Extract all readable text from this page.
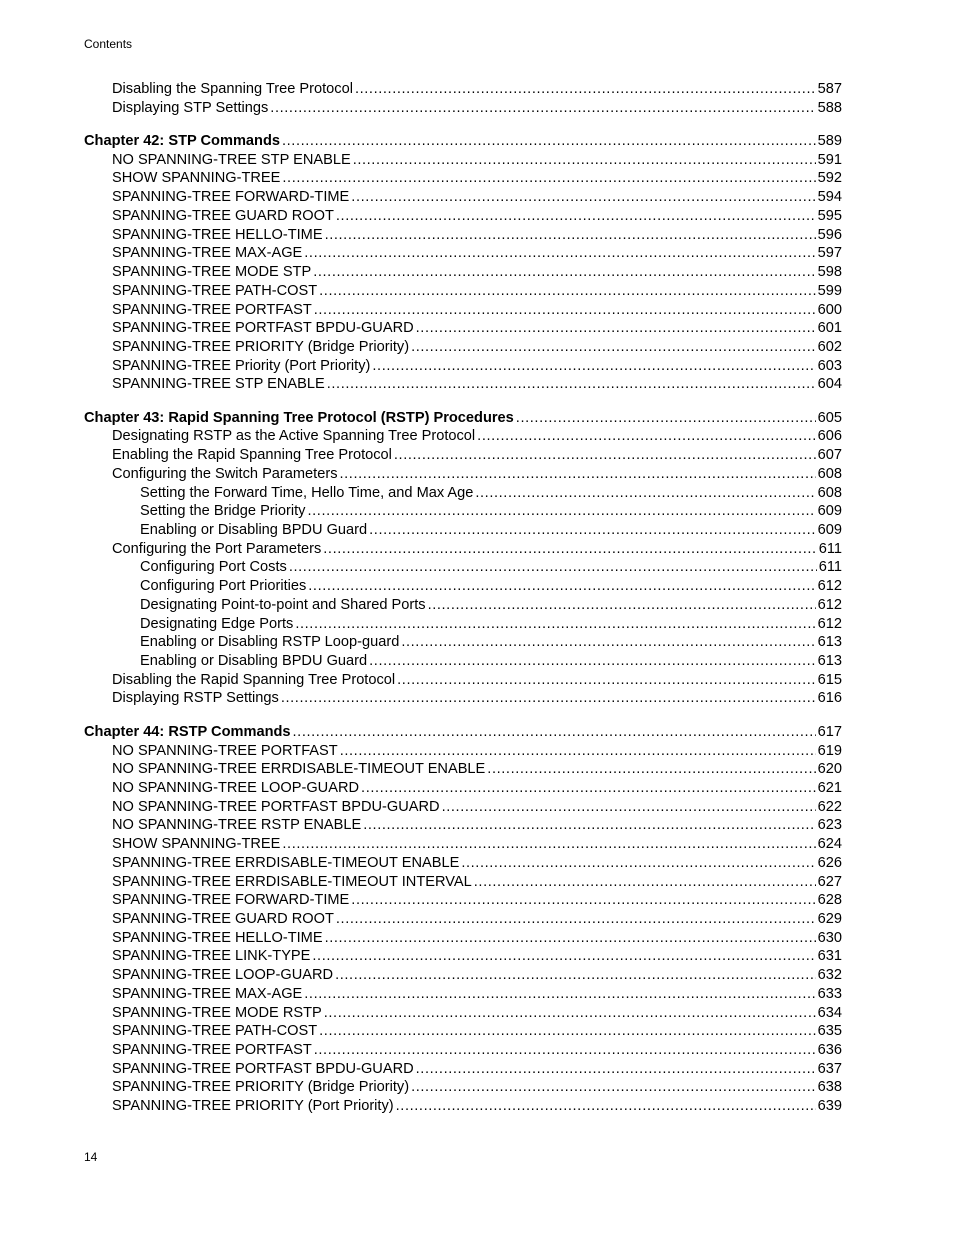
Contents
Disabling the Spanning Tree Protocol .....	587
Displaying STP Settings .....	588
Chapter 42: STP Commands .....	589
NO SPANNING-TREE STP ENABLE .....	591
SHOW SPANNING-TREE .....	592
SPANNING-TREE FORWARD-TIME .....	594
SPANNING-TREE GUARD ROOT .....	595
SPANNING-TREE HELLO-TIME .....	596
SPANNING-TREE MAX-AGE .....	597
SPANNING-TREE MODE STP .....	598
SPANNING-TREE PATH-COST .....	599
SPANNING-TREE PORTFAST .....	600
SPANNING-TREE PORTFAST BPDU-GUARD .....	601
SPANNING-TREE PRIORITY (Bridge Priority) .....	602
SPANNING-TREE Priority (Port Priority) .....	603
SPANNING-TREE STP ENABLE .....	604
Chapter 43: Rapid Spanning Tree Protocol (RSTP) Procedures .....	605
Designating RSTP as the Active Spanning Tree Protocol .....	606
Enabling the Rapid Spanning Tree Protocol .....	607
Configuring the Switch Parameters .....	608
Setting the Forward Time, Hello Time, and Max Age .....	608
Setting the Bridge Priority .....	609
Enabling or Disabling BPDU Guard .....	609
Configuring the Port Parameters .....	611
Configuring Port Costs .....	611
Configuring Port Priorities .....	612
Designating Point-to-point and Shared Ports .....	612
Designating Edge Ports .....	612
Enabling or Disabling RSTP Loop-guard .....	613
Enabling or Disabling BPDU Guard .....	613
Disabling the Rapid Spanning Tree Protocol .....	615
Displaying RSTP Settings .....	616
Chapter 44: RSTP Commands .....	617
NO SPANNING-TREE PORTFAST .....	619
NO SPANNING-TREE ERRDISABLE-TIMEOUT ENABLE .....	620
NO SPANNING-TREE LOOP-GUARD .....	621
NO SPANNING-TREE PORTFAST BPDU-GUARD .....	622
NO SPANNING-TREE RSTP ENABLE .....	623
SHOW SPANNING-TREE .....	624
SPANNING-TREE ERRDISABLE-TIMEOUT ENABLE .....	626
SPANNING-TREE ERRDISABLE-TIMEOUT INTERVAL .....	627
SPANNING-TREE FORWARD-TIME .....	628
SPANNING-TREE GUARD ROOT .....	629
SPANNING-TREE HELLO-TIME .....	630
SPANNING-TREE LINK-TYPE .....	631
SPANNING-TREE LOOP-GUARD .....	632
SPANNING-TREE MAX-AGE .....	633
SPANNING-TREE MODE RSTP .....	634
SPANNING-TREE PATH-COST .....	635
SPANNING-TREE PORTFAST .....	636
SPANNING-TREE PORTFAST BPDU-GUARD .....	637
SPANNING-TREE PRIORITY (Bridge Priority) .....	638
SPANNING-TREE PRIORITY (Port Priority) .....	639
14
